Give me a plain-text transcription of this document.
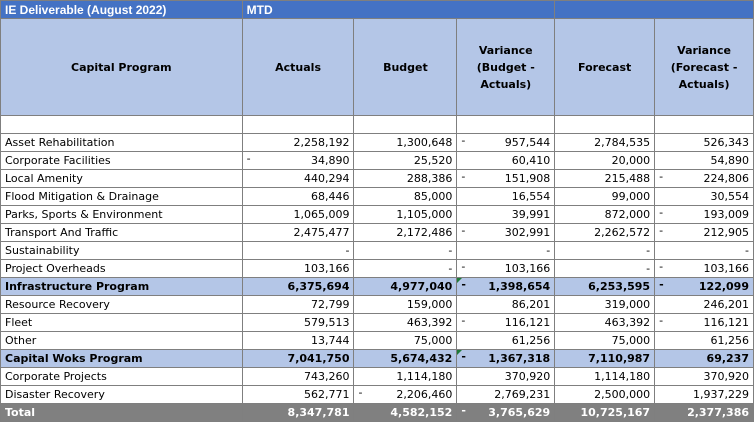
IE Deliverable (August 2022)	MTD				
Capital Program	Actuals	Budget	Variance (Budget - Actuals)	Forecast	Variance (Forecast - Actuals)

Asset Rehabilitation	2,258,192	1,300,648	- 957,544	2,784,535	526,343
Corporate Facilities	- 34,890	25,520	60,410	20,000	54,890
Local Amenity	440,294	288,386	- 151,908	215,488	- 224,806
Flood Mitigation & Drainage	68,446	85,000	16,554	99,000	30,554
Parks, Sports & Environment	1,065,009	1,105,000	39,991	872,000	- 193,009
Transport And Traffic	2,475,477	2,172,486	- 302,991	2,262,572	- 212,905
Sustainability	-	-	-	-	-
Project Overheads	103,166	-	- 103,166	-	- 103,166
Infrastructure Program	6,375,694	4,977,040	- 1,398,654	6,253,595	- 122,099
Resource Recovery	72,799	159,000	86,201	319,000	246,201
Fleet	579,513	463,392	- 116,121	463,392	- 116,121
Other	13,744	75,000	61,256	75,000	61,256
Capital Woks Program	7,041,750	5,674,432	- 1,367,318	7,110,987	69,237
Corporate Projects	743,260	1,114,180	370,920	1,114,180	370,920
Disaster Recovery	562,771	- 2,206,460	2,769,231	2,500,000	1,937,229
Total	8,347,781	4,582,152	- 3,765,629	10,725,167	2,377,386
